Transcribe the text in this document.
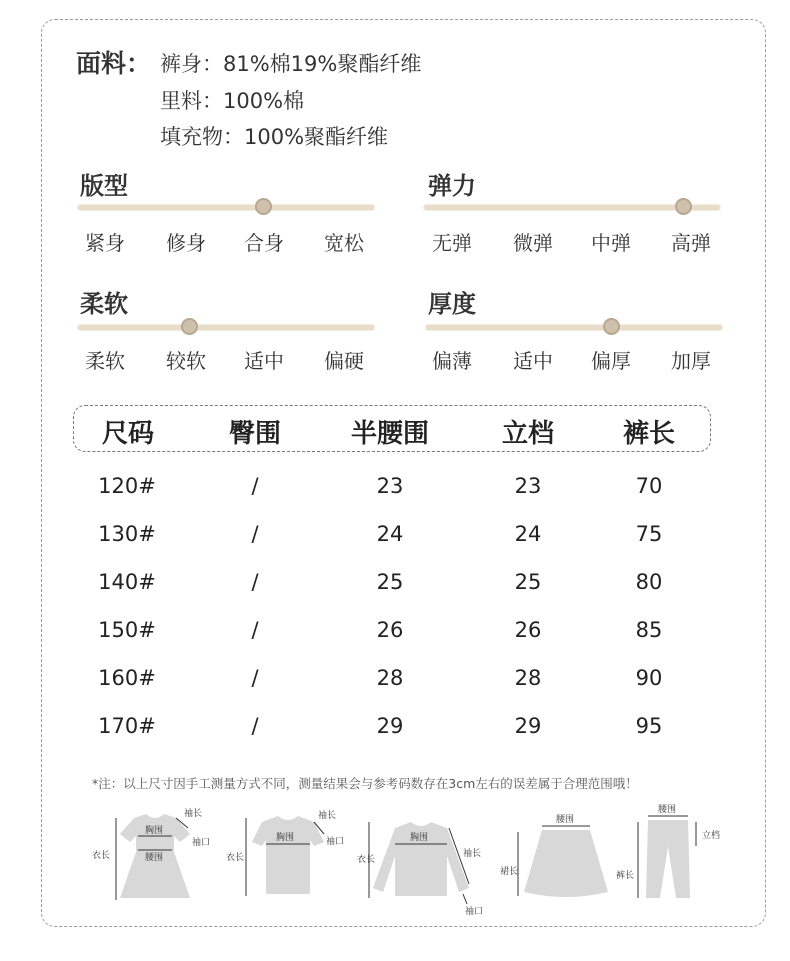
面料： 裤身：81%棉19%聚酯纤维
里料：100%棉
填充物：100%聚酯纤维
版型
紧身 修身 合身 宽松
弹力
无弹 微弹 中弹 高弹
柔软
柔软 较软 适中 偏硬
厚度
偏薄 适中 偏厚 加厚
尺码	臀围	半腰围	立档	裤长
120#	/	23	23	70
130#	/	24	24	75
140#	/	25	25	80
150#	/	26	26	85
160#	/	28	28	90
170#	/	29	29	95
*注：以上尺寸因手工测量方式不同，测量结果会与参考码数存在3cm左右的误差属于合理范围哦！
袖长
胸围
袖口
衣长	腰围
袖长
胸围	袖口
衣长
胸围
袖长
衣长
袖口
腰围
裙长
腰围
立档
裤长
